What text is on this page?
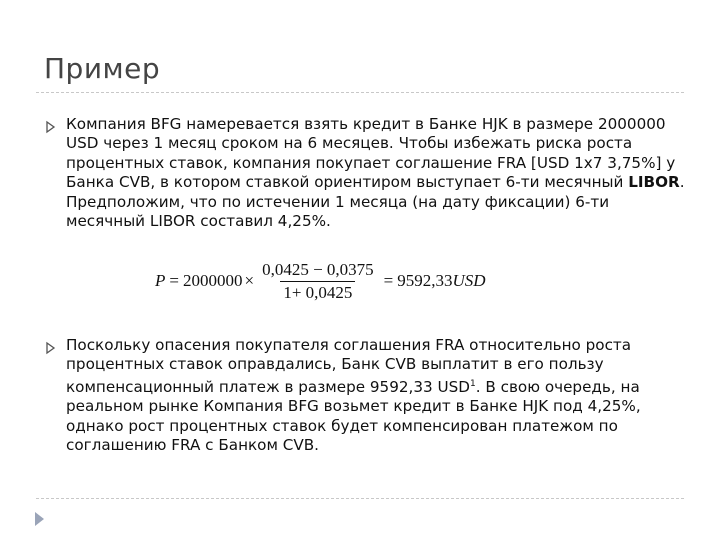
Пример
Компания BFG намеревается взять кредит в Банке HJK в размере 2000000 USD через 1 месяц сроком на 6 месяцев. Чтобы избежать риска роста процентных ставок, компания покупает соглашение FRA [USD 1х7 3,75%] у Банка CVB, в котором ставкой ориентиром выступает 6-ти месячный LIBOR. Предположим, что по истечении 1 месяца (на дату фиксации) 6-ти месячный LIBOR составил 4,25%.
$P = 2000000 \times \frac{0,0425 - 0,0375}{1+ 0,0425} = 9592,33$ USD
Поскольку опасения покупателя соглашения FRA относительно роста процентных ставок оправдались, Банк CVB выплатит в его пользу компенсационный платеж в размере 9592,33 USD$^1$. В свою очередь, на реальном рынке Компания BFG возьмет кредит в Банке HJK под 4,25%, однако рост процентных ставок будет компенсирован платежом по соглашению FRA с Банком CVB.
